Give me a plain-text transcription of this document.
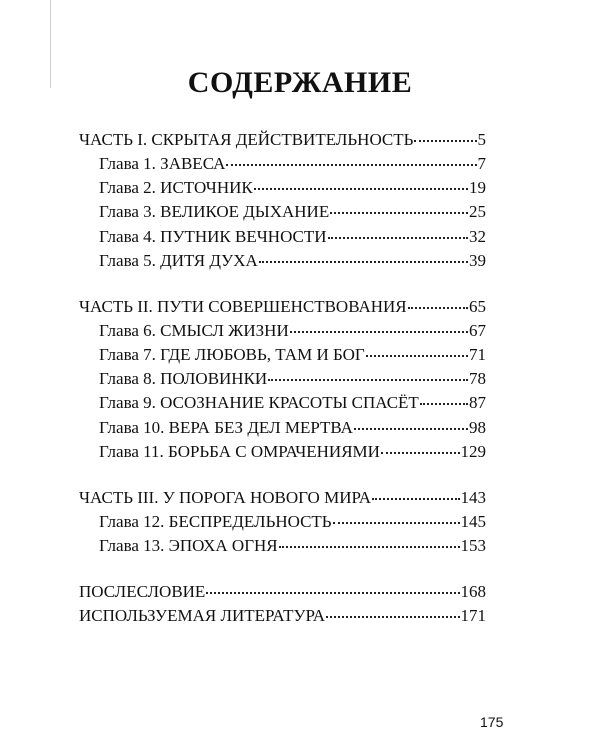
СОДЕРЖАНИЕ
ЧАСТЬ I. СКРЫТАЯ ДЕЙСТВИТЕЛЬНОСТЬ	5
Глава 1. ЗАВЕСА	7
Глава 2. ИСТОЧНИК	19
Глава 3. ВЕЛИКОЕ ДЫХАНИЕ	25
Глава 4. ПУТНИК ВЕЧНОСТИ	32
Глава 5. ДИТЯ ДУХА	39
ЧАСТЬ II. ПУТИ СОВЕРШЕНСТВОВАНИЯ	65
Глава 6. СМЫСЛ ЖИЗНИ	67
Глава 7. ГДЕ ЛЮБОВЬ, ТАМ И БОГ	71
Глава 8. ПОЛОВИНКИ	78
Глава 9. ОСОЗНАНИЕ КРАСОТЫ СПАСЁТ	87
Глава 10. ВЕРА БЕЗ ДЕЛ МЕРТВА	98
Глава 11. БОРЬБА С ОМРАЧЕНИЯМИ	129
ЧАСТЬ III. У ПОРОГА НОВОГО МИРА	143
Глава 12. БЕСПРЕДЕЛЬНОСТЬ	145
Глава 13. ЭПОХА ОГНЯ	153
ПОСЛЕСЛОВИЕ	168
ИСПОЛЬЗУЕМАЯ ЛИТЕРАТУРА	171
175
